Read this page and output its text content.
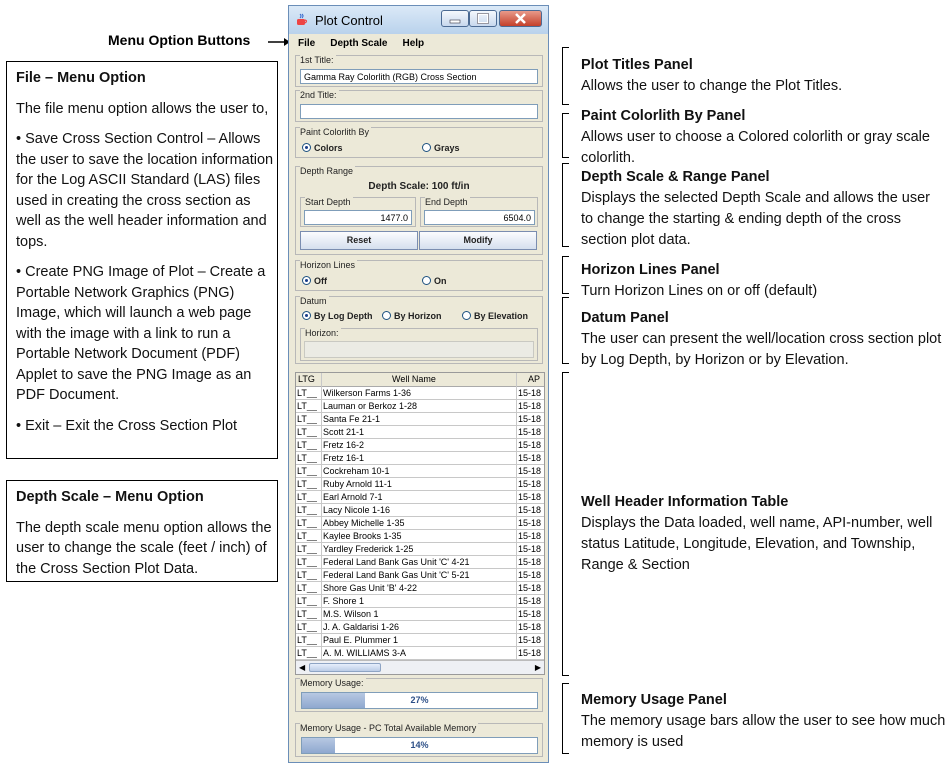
Menu Option Buttons
File – Menu Option

The file menu option allows the user to,

• Save Cross Section Control – Allows the user to save the location information for the Log ASCII Standard (LAS) files used in creating the cross section as well as the well header information and tops.

• Create PNG Image of Plot – Create a Portable Network Graphics (PNG) Image, which will launch a web page with the image with a link to run a Portable Network Document (PDF) Applet to save the PNG Image as an PDF Document.

• Exit – Exit the Cross Section Plot

Depth Scale – Menu Option

The depth scale menu option allows the user to change the scale (feet / inch) of the Cross Section Plot Data.

Plot Control
File Depth Scale Help
1st Title:
Gamma Ray Colorlith (RGB) Cross Section
2nd Title:
Paint Colorlith By
Colors	Grays
Depth Range
Depth Scale: 100 ft/in
Start Depth
1477.0
End Depth
6504.0
Reset	Modify
Horizon Lines
Off	On
Datum
By Log Depth	By Horizon	By Elevation
Horizon:
LTG	Well Name	AP
LT__ Wilkerson Farms 1-36	15-18
LT__ Lauman or Berkoz 1-28	15-18
LT__ Santa Fe 21-1	15-18
LT__ Scott 21-1	15-18
LT__ Fretz 16-2	15-18
LT__ Fretz 16-1	15-18
LT__ Cockreham 10-1	15-18
LT__ Ruby Arnold 11-1	15-18
LT__ Earl Arnold 7-1	15-18
LT__ Lacy Nicole 1-16	15-18
LT__ Abbey Michelle 1-35	15-18
LT__ Kaylee Brooks 1-35	15-18
LT__ Yardley Frederick 1-25	15-18
LT__ Federal Land Bank Gas Unit 'C' 4-21	15-18
LT__ Federal Land Bank Gas Unit 'C' 5-21	15-18
LT__ Shore Gas Unit 'B' 4-22	15-18
LT__ F. Shore 1	15-18
LT__ M.S. Wilson 1	15-18
LT__ J. A. Galdarisi 1-26	15-18
LT__ Paul E. Plummer 1	15-18
LT__ A. M. WILLIAMS 3-A	15-18
◀	▶
Memory Usage:
27%
Memory Usage - PC Total Available Memory
14%
Plot Titles Panel
Allows the user to change the Plot Titles.
Paint Colorlith By Panel
Allows user to choose a Colored colorlith or gray scale colorlith.
Depth Scale & Range Panel
Displays the selected Depth Scale and allows the user to change the starting & ending depth of the cross section plot data.
Horizon Lines Panel
Turn Horizon Lines on or off (default)
Datum Panel
The user can present the well/location cross section plot by Log Depth, by Horizon or by Elevation.
Well Header Information Table
Displays the Data loaded, well name, API-number, well status Latitude, Longitude, Elevation, and Township, Range & Section
Memory Usage Panel
The memory usage bars allow the user to see how much memory is used
